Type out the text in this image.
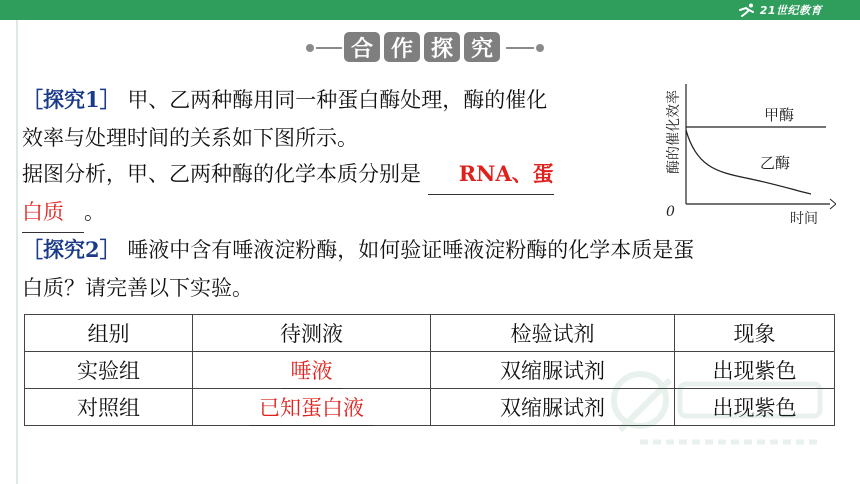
21世纪教育
合 作 探 究
［探究1］ 甲、乙两种酶用同一种蛋白酶处理，酶的催化
效率与处理时间的关系如下图所示。
据图分析，甲、乙两种酶的化学本质分别是 RNA、蛋
白质 。
甲酶
乙酶
0	时间
酶的催化效率
［探究2］ 唾液中含有唾液淀粉酶，如何验证唾液淀粉酶的化学本质是蛋
白质？请完善以下实验。
组别	待测液	检验试剂	现象
实验组	唾液	双缩脲试剂	出现紫色
对照组	已知蛋白液	双缩脲试剂	出现紫色
